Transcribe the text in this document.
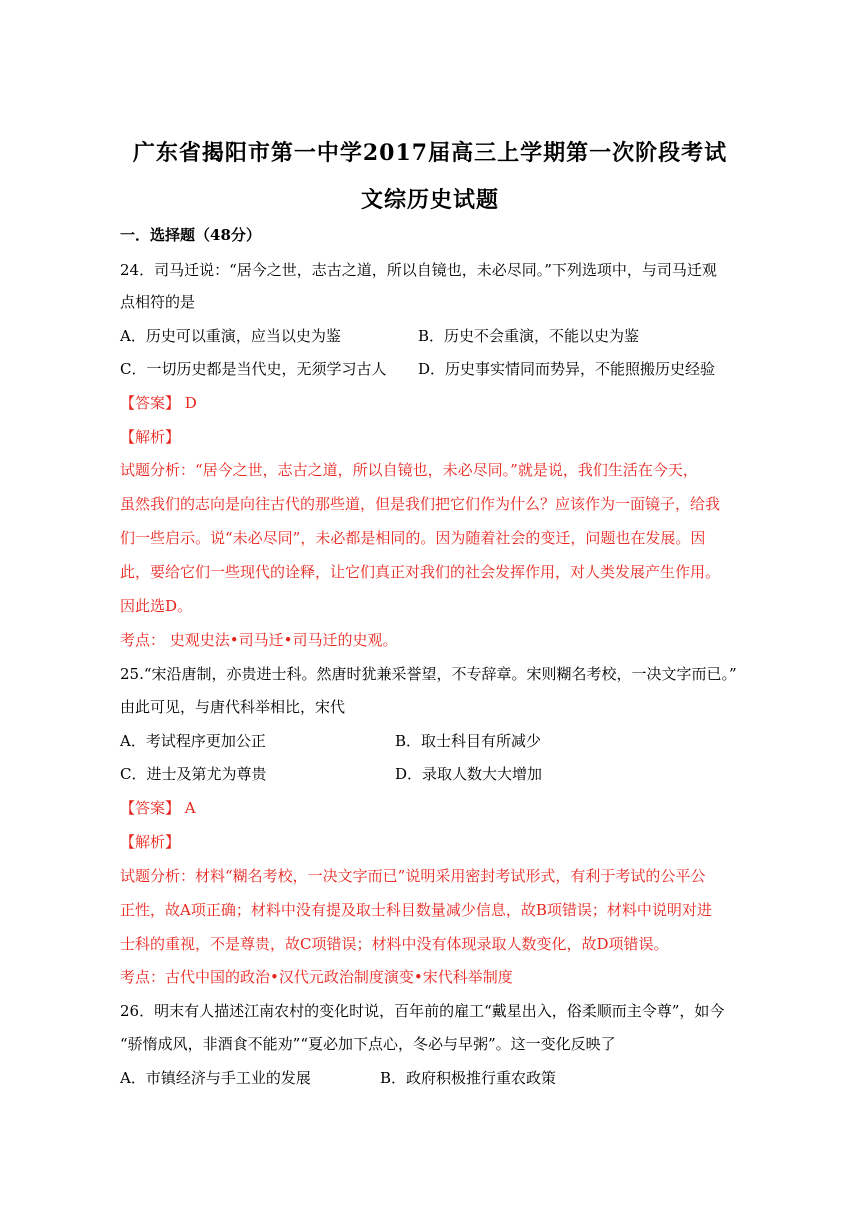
广东省揭阳市第一中学2017届高三上学期第一次阶段考试
文综历史试题
一．选择题（48分）
24．司马迁说：“居今之世，志古之道，所以自镜也，未必尽同。”下列选项中，与司马迁观
点相符的是
A．历史可以重演，应当以史为鉴	B．历史不会重演，不能以史为鉴
C．一切历史都是当代史，无须学习古人 D．历史事实情同而势异，不能照搬历史经验
【答案】 D
【解析】
试题分析：“居今之世，志古之道，所以自镜也，未必尽同。”就是说，我们生活在今天，
虽然我们的志向是向往古代的那些道，但是我们把它们作为什么？应该作为一面镜子，给我
们一些启示。说“未必尽同”，未必都是相同的。因为随着社会的变迁，问题也在发展。因
此，要给它们一些现代的诠释，让它们真正对我们的社会发挥作用，对人类发展产生作用。
因此选D。
考点： 史观史法•司马迁•司马迁的史观。
25.“宋沿唐制，亦贵进士科。然唐时犹兼采誉望，不专辞章。宋则糊名考校，一决文字而已。”
由此可见，与唐代科举相比，宋代
A．考试程序更加公正	B．取士科目有所减少
C．进士及第尤为尊贵	D．录取人数大大增加
【答案】 A
【解析】
试题分析：材料“糊名考校，一决文字而已”说明采用密封考试形式，有利于考试的公平公
正性，故A项正确；材料中没有提及取士科目数量减少信息，故B项错误；材料中说明对进
士科的重视，不是尊贵，故C项错误；材料中没有体现录取人数变化，故D项错误。
考点：古代中国的政治•汉代元政治制度演变•宋代科举制度
26．明末有人描述江南农村的变化时说，百年前的雇工“戴星出入，俗柔顺而主令尊”，如今
“骄惰成风，非酒食不能劝”“夏必加下点心，冬必与早粥”。这一变化反映了
A．市镇经济与手工业的发展	B．政府积极推行重农政策
